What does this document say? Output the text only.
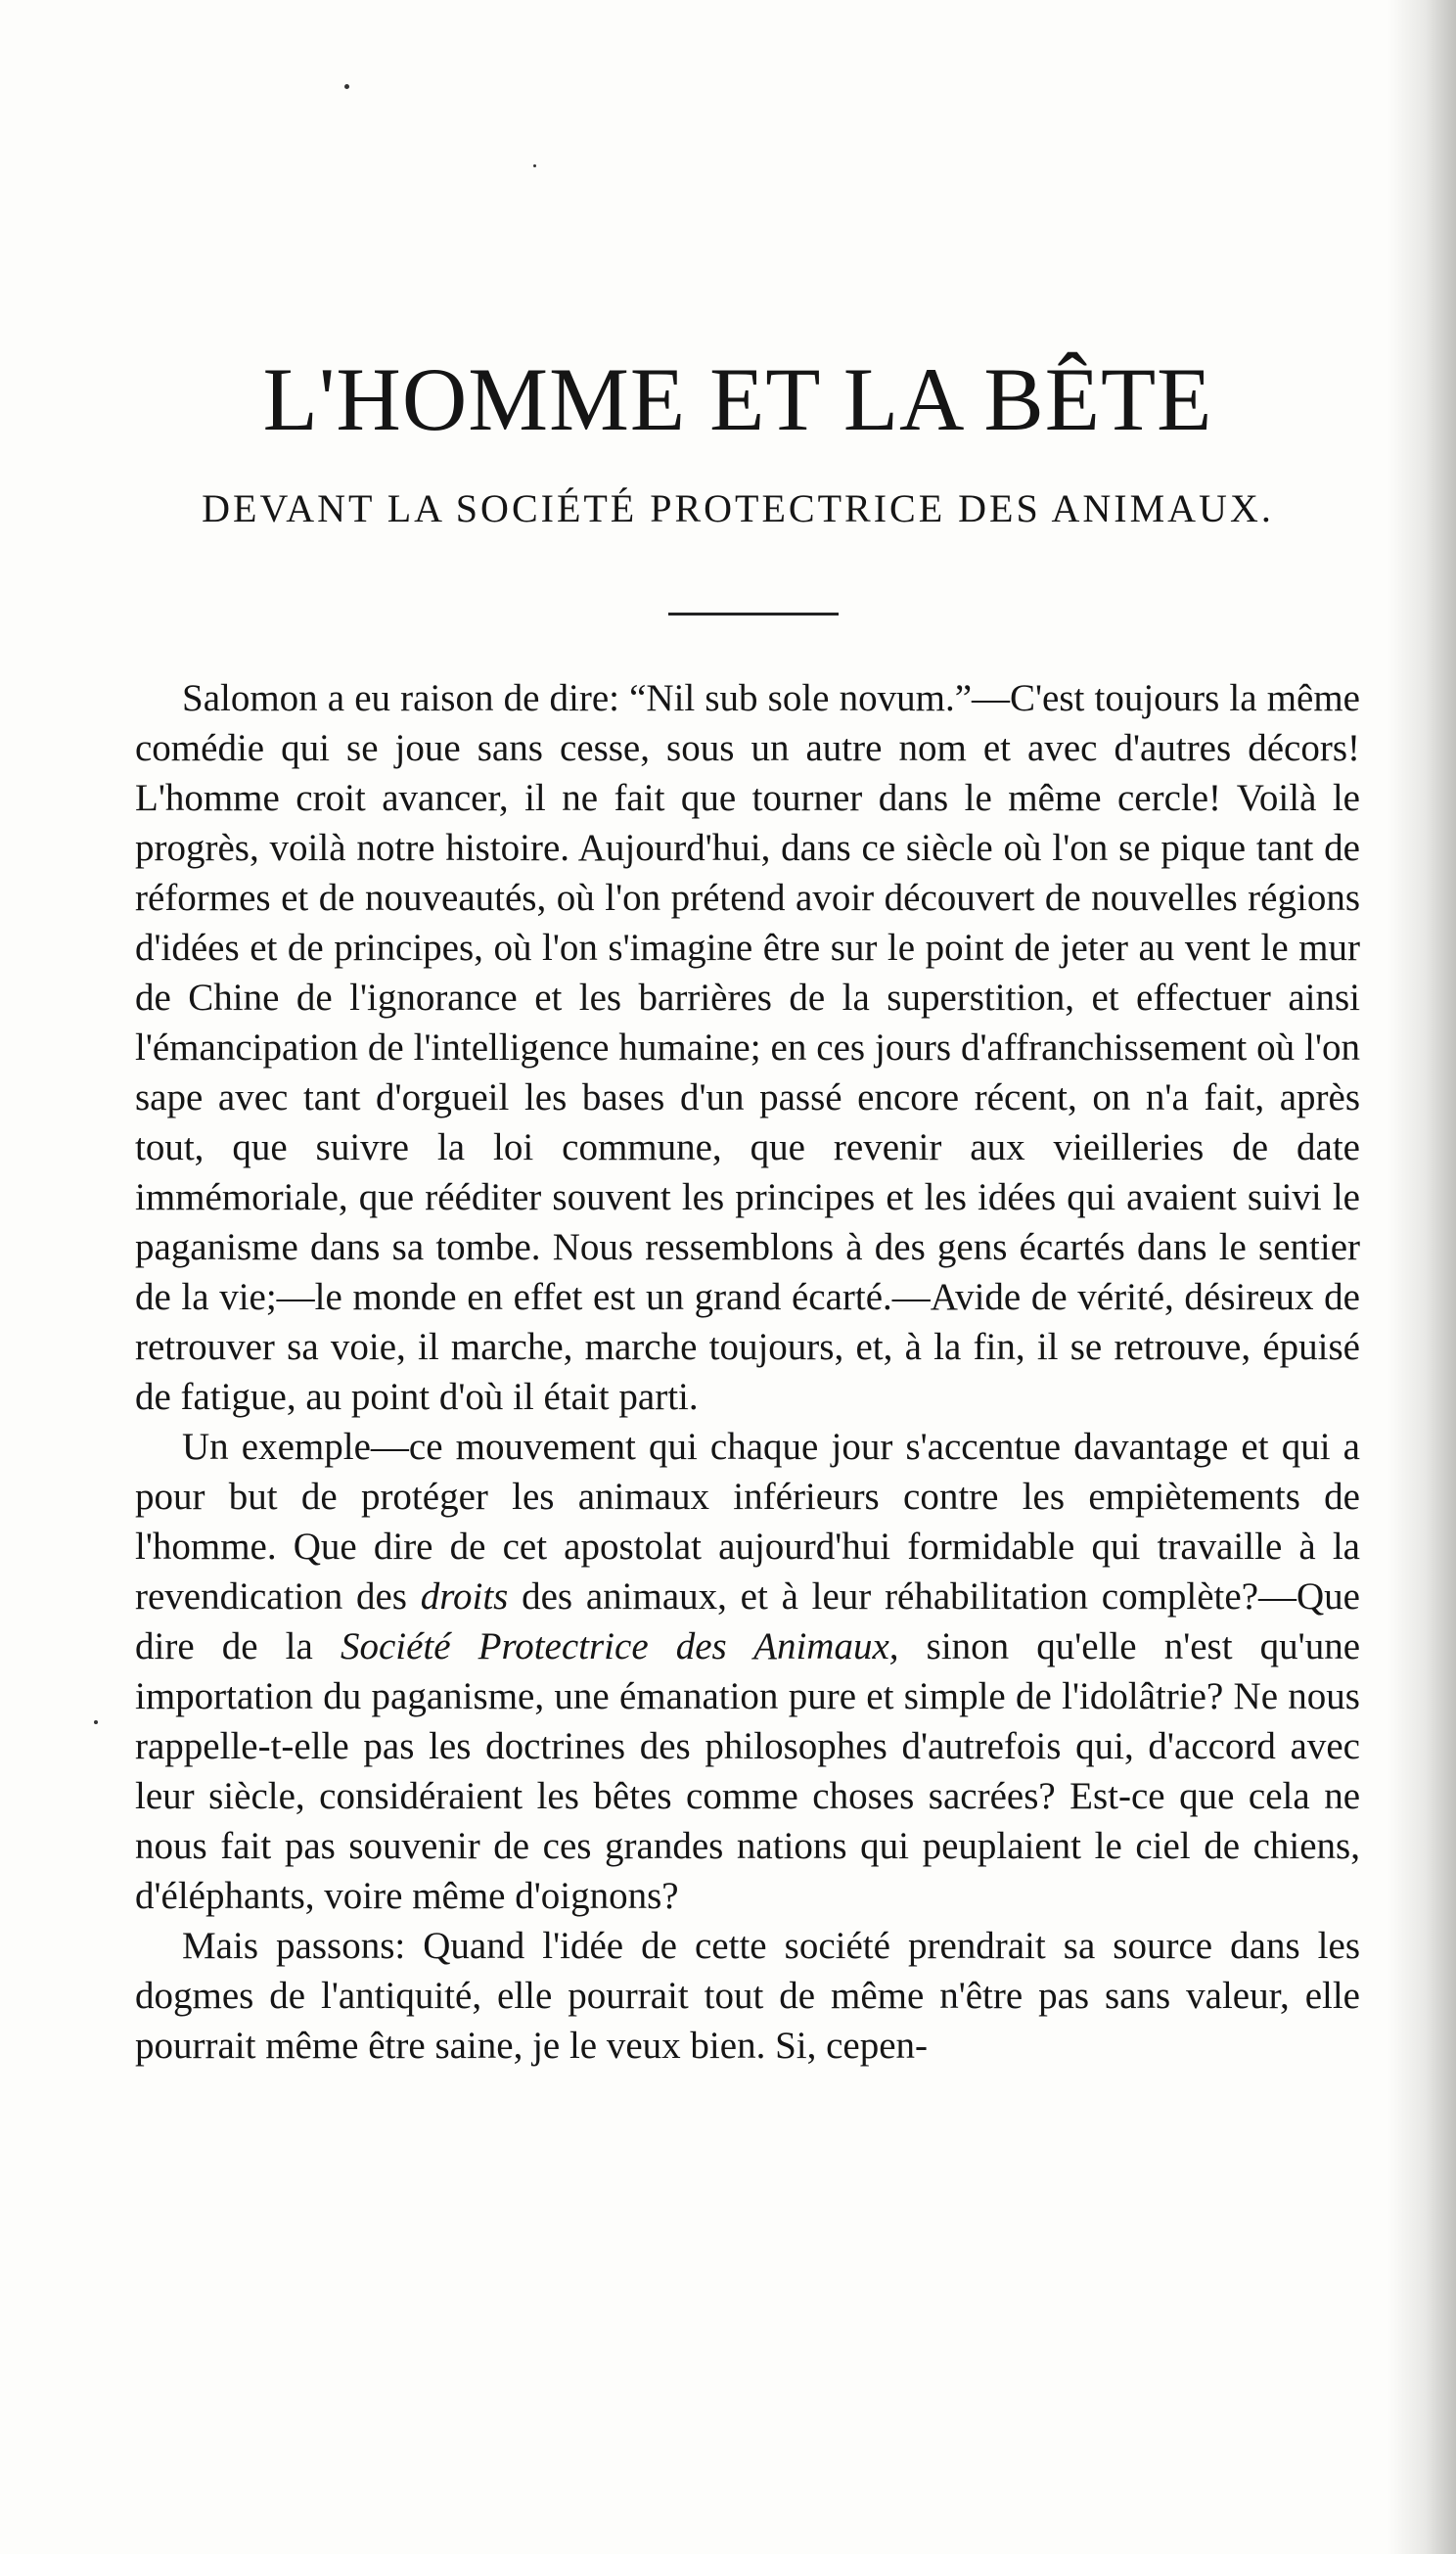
L'HOMME ET LA BÊTE
DEVANT LA SOCIÉTÉ PROTECTRICE DES ANIMAUX.

Salomon a eu raison de dire: “Nil sub sole novum.”—C'est toujours la même comédie qui se joue sans cesse, sous un autre nom et avec d'autres décors! L'homme croit avancer, il ne fait que tourner dans le même cercle! Voilà le progrès, voilà notre histoire. Aujourd'hui, dans ce siècle où l'on se pique tant de réformes et de nouveautés, où l'on prétend avoir découvert de nouvelles régions d'idées et de principes, où l'on s'imagine être sur le point de jeter au vent le mur de Chine de l'ignorance et les barrières de la superstition, et effectuer ainsi l'émancipation de l'intelligence humaine; en ces jours d'affranchissement où l'on sape avec tant d'orgueil les bases d'un passé encore récent, on n'a fait, après tout, que suivre la loi commune, que revenir aux vieilleries de date immémoriale, que rééditer souvent les principes et les idées qui avaient suivi le paganisme dans sa tombe. Nous ressemblons à des gens écartés dans le sentier de la vie;—le monde en effet est un grand écarté.—Avide de vérité, désireux de retrouver sa voie, il marche, marche toujours, et, à la fin, il se retrouve, épuisé de fatigue, au point d'où il était parti.

Un exemple—ce mouvement qui chaque jour s'accentue davantage et qui a pour but de protéger les animaux inférieurs contre les empiètements de l'homme. Que dire de cet apostolat aujourd'hui formidable qui travaille à la revendication des droits des animaux, et à leur réhabilitation complète?—Que dire de la Société Protectrice des Animaux, sinon qu'elle n'est qu'une importation du paganisme, une émanation pure et simple de l'idolâtrie? Ne nous rappelle-t-elle pas les doctrines des philosophes d'autrefois qui, d'accord avec leur siècle, considéraient les bêtes comme choses sacrées? Est-ce que cela ne nous fait pas souvenir de ces grandes nations qui peuplaient le ciel de chiens, d'éléphants, voire même d'oignons?

Mais passons: Quand l'idée de cette société prendrait sa source dans les dogmes de l'antiquité, elle pourrait tout de même n'être pas sans valeur, elle pourrait même être saine, je le veux bien. Si, cepen-
